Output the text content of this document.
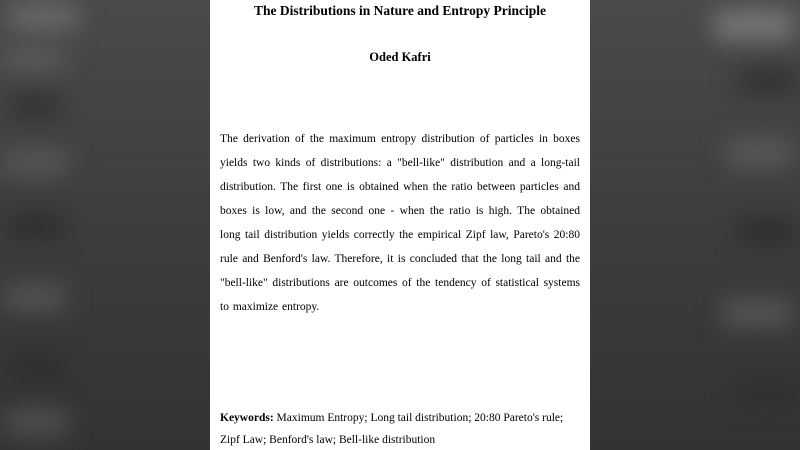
The Distributions in Nature and Entropy Principle
Oded Kafri

The derivation of the maximum entropy distribution of particles in boxes yields two kinds of distributions: a "bell-like" distribution and a long-tail distribution. The first one is obtained when the ratio between particles and boxes is low, and the second one - when the ratio is high. The obtained long tail distribution yields correctly the empirical Zipf law, Pareto's 20:80 rule and Benford's law. Therefore, it is concluded that the long tail and the "bell-like" distributions are outcomes of the tendency of statistical systems to maximize entropy.

Keywords: Maximum Entropy; Long tail distribution; 20:80 Pareto's rule; Zipf Law; Benford's law; Bell-like distribution
